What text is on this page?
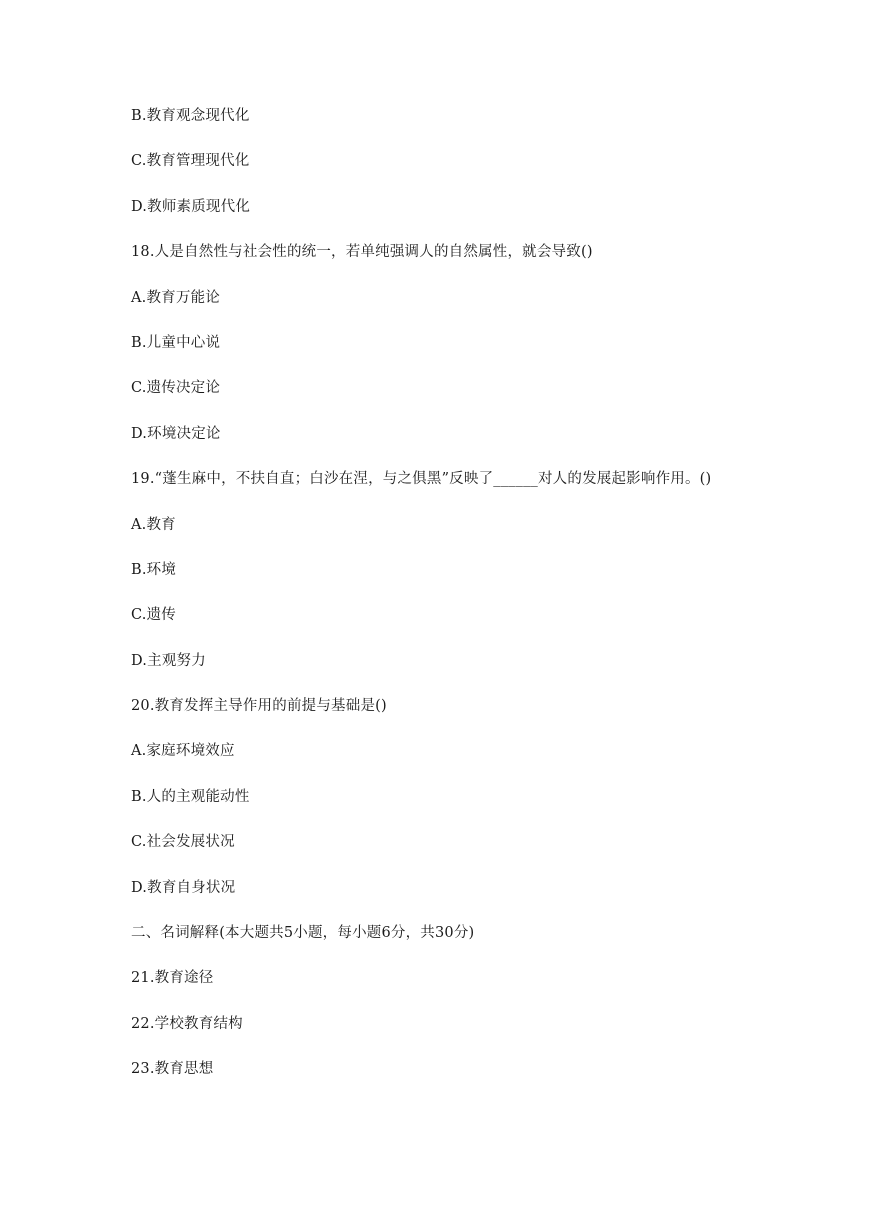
B.教育观念现代化
C.教育管理现代化
D.教师素质现代化
18.人是自然性与社会性的统一，若单纯强调人的自然属性，就会导致()
A.教育万能论
B.儿童中心说
C.遗传决定论
D.环境决定论
19.“蓬生麻中，不扶自直；白沙在涅，与之俱黑”反映了______对人的发展起影响作用。()
A.教育
B.环境
C.遗传
D.主观努力
20.教育发挥主导作用的前提与基础是()
A.家庭环境效应
B.人的主观能动性
C.社会发展状况
D.教育自身状况
二、名词解释(本大题共5小题，每小题6分，共30分)
21.教育途径
22.学校教育结构
23.教育思想
